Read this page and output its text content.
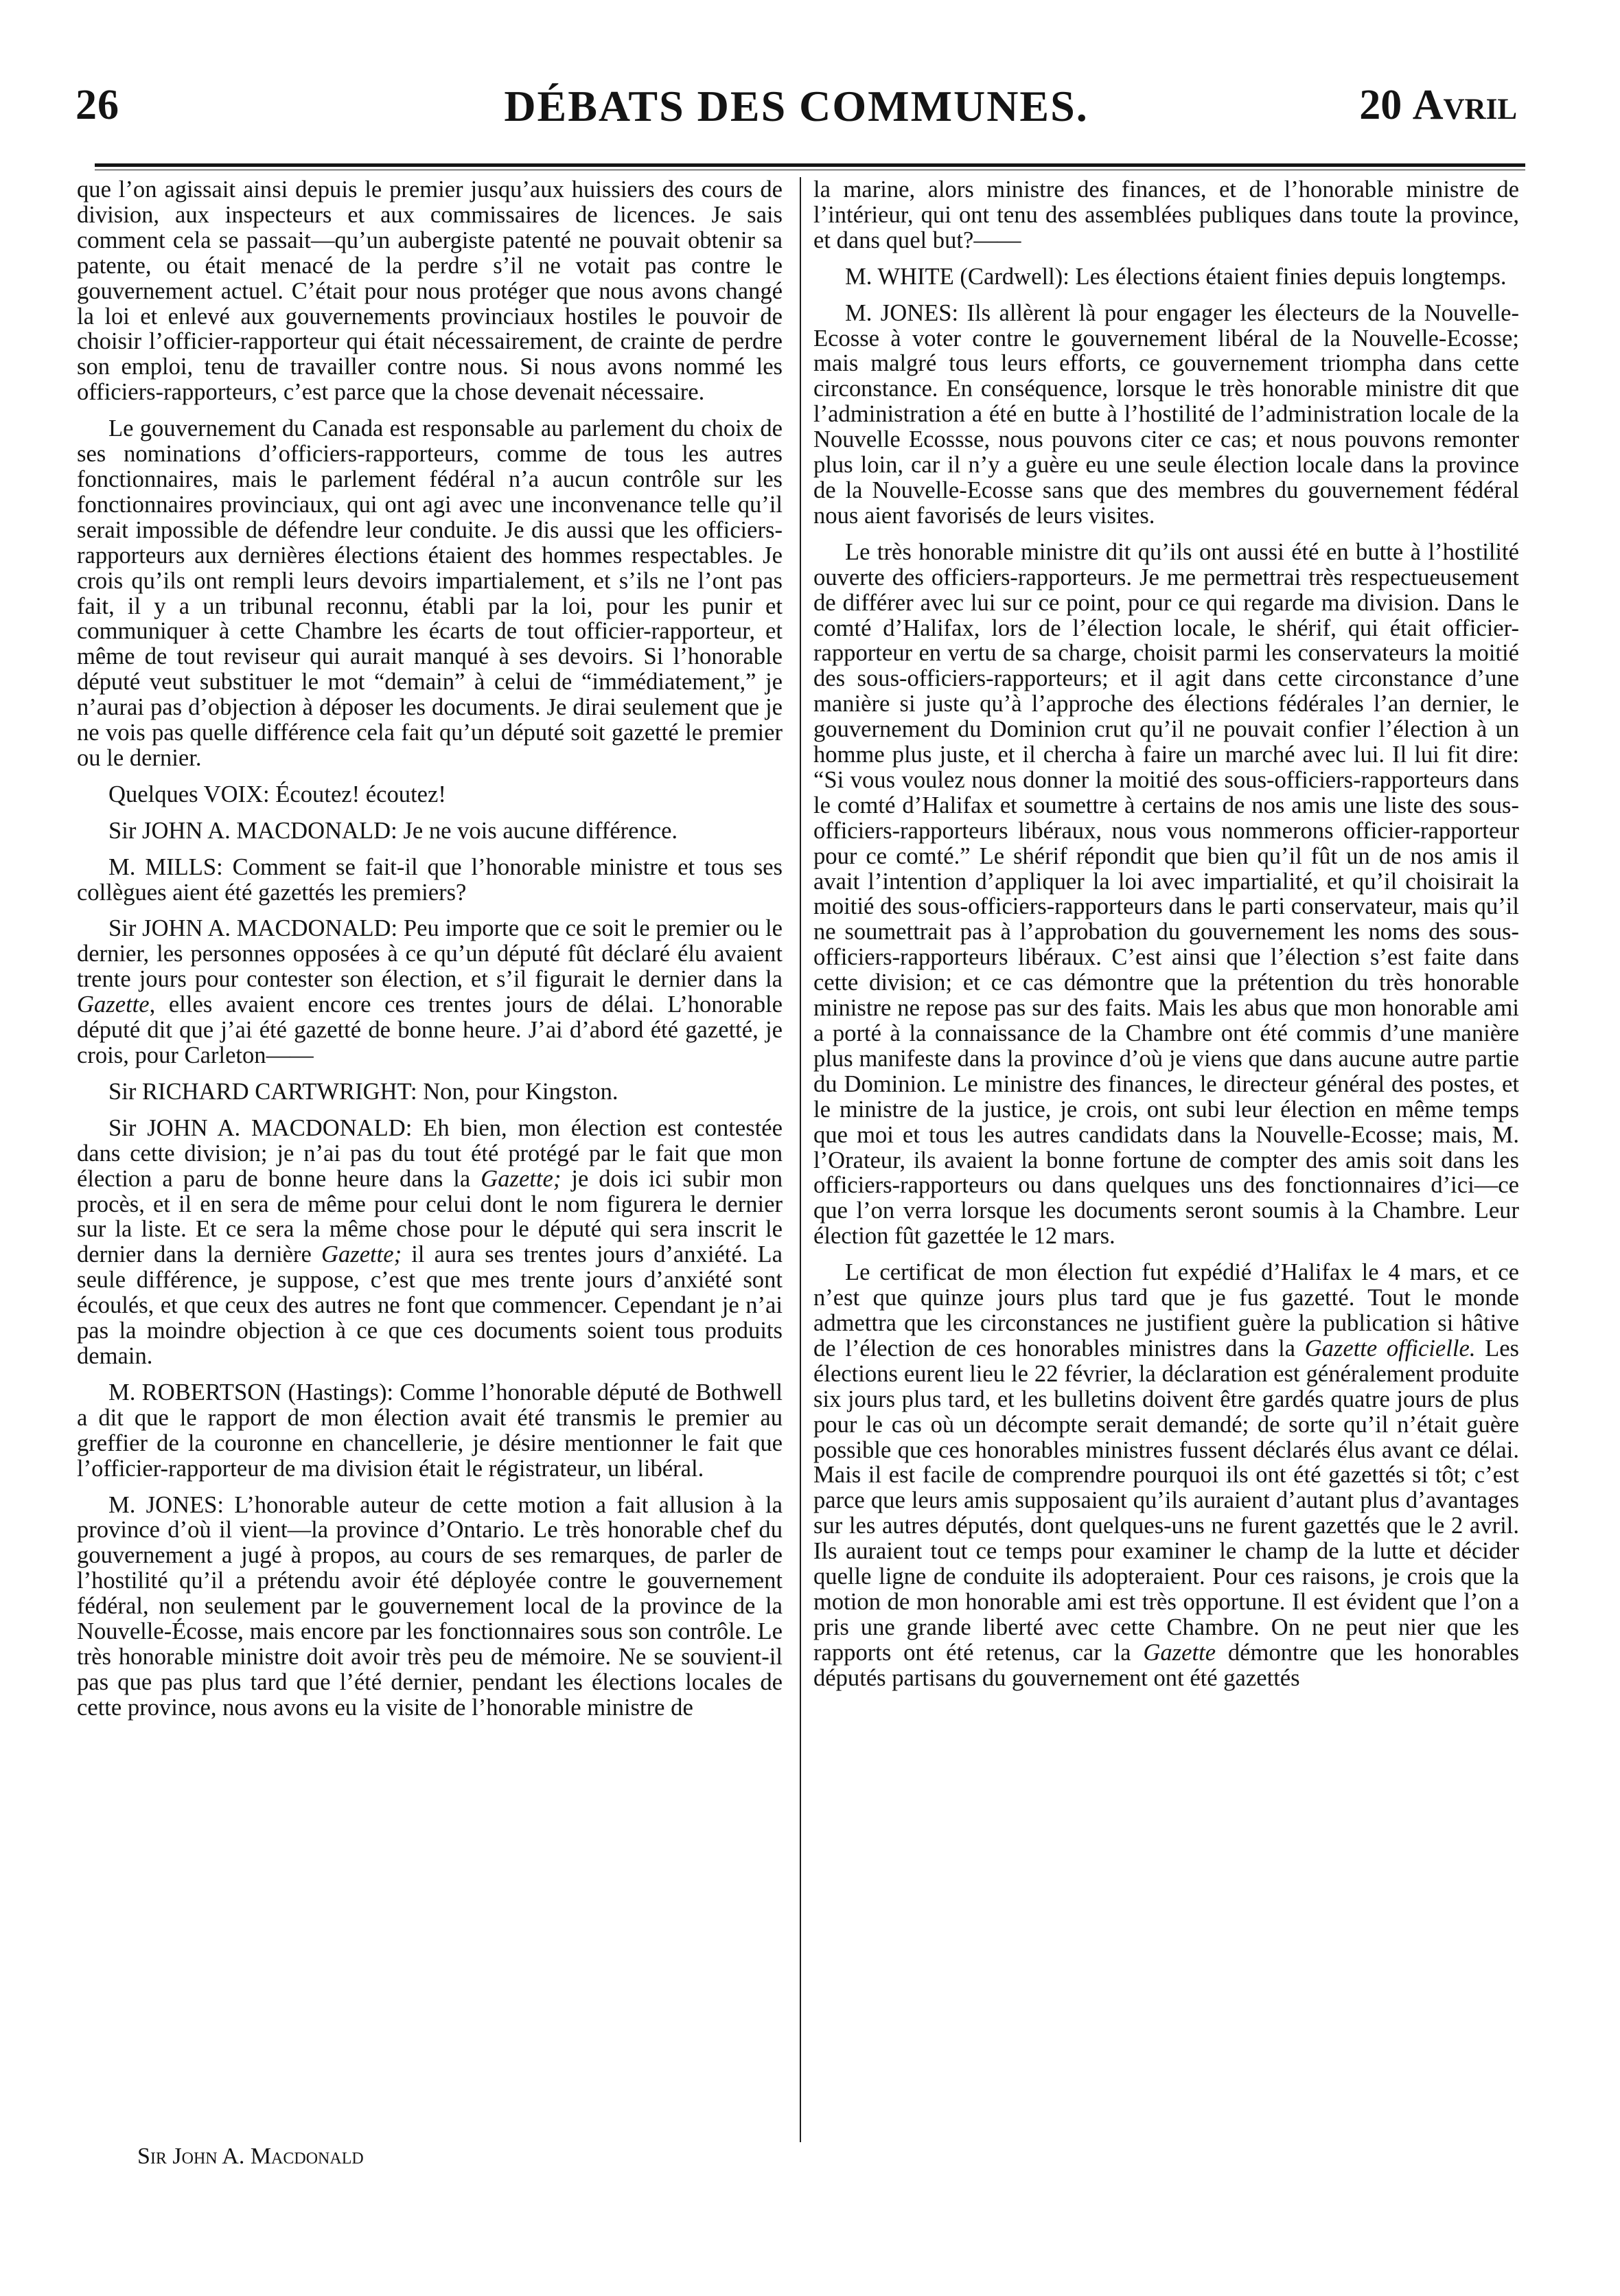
26	DÉBATS DES COMMUNES.	20 Avril

que l’on agissait ainsi depuis le premier jusqu’aux huissiers des cours de division, aux inspecteurs et aux commissaires de licences. Je sais comment cela se passait—qu’un aubergiste patenté ne pouvait obtenir sa patente, ou était menacé de la perdre s’il ne votait pas contre le gouvernement actuel. C’était pour nous protéger que nous avons changé la loi et enlevé aux gouvernements provinciaux hostiles le pouvoir de choisir l’officier-rapporteur qui était nécessairement, de crainte de perdre son emploi, tenu de travailler contre nous. Si nous avons nommé les officiers-rapporteurs, c’est parce que la chose devenait nécessaire.

Le gouvernement du Canada est responsable au parlement du choix de ses nominations d’officiers-rapporteurs, comme de tous les autres fonctionnaires, mais le parlement fédéral n’a aucun contrôle sur les fonctionnaires provinciaux, qui ont agi avec une inconvenance telle qu’il serait impossible de défendre leur conduite. Je dis aussi que les officiers-rapporteurs aux dernières élections étaient des hommes respectables. Je crois qu’ils ont rempli leurs devoirs impartialement, et s’ils ne l’ont pas fait, il y a un tribunal reconnu, établi par la loi, pour les punir et communiquer à cette Chambre les écarts de tout officier-rapporteur, et même de tout reviseur qui aurait manqué à ses devoirs. Si l’honorable député veut substituer le mot “demain” à celui de “immédiatement,” je n’aurai pas d’objection à déposer les documents. Je dirai seulement que je ne vois pas quelle différence cela fait qu’un député soit gazetté le premier ou le dernier.

Quelques VOIX: Écoutez! écoutez!

Sir JOHN A. MACDONALD: Je ne vois aucune différence.

M. MILLS: Comment se fait-il que l’honorable ministre et tous ses collègues aient été gazettés les premiers?

Sir JOHN A. MACDONALD: Peu importe que ce soit le premier ou le dernier, les personnes opposées à ce qu’un député fût déclaré élu avaient trente jours pour contester son élection, et s’il figurait le dernier dans la Gazette, elles avaient encore ces trentes jours de délai. L’honorable député dit que j’ai été gazetté de bonne heure. J’ai d’abord été gazetté, je crois, pour Carleton——

Sir RICHARD CARTWRIGHT: Non, pour Kingston.

Sir JOHN A. MACDONALD: Eh bien, mon élection est contestée dans cette division; je n’ai pas du tout été protégé par le fait que mon élection a paru de bonne heure dans la Gazette; je dois ici subir mon procès, et il en sera de même pour celui dont le nom figurera le dernier sur la liste. Et ce sera la même chose pour le député qui sera inscrit le dernier dans la dernière Gazette; il aura ses trentes jours d’anxiété. La seule différence, je suppose, c’est que mes trente jours d’anxiété sont écoulés, et que ceux des autres ne font que commencer. Cependant je n’ai pas la moindre objection à ce que ces documents soient tous produits demain.

M. ROBERTSON (Hastings): Comme l’honorable député de Bothwell a dit que le rapport de mon élection avait été transmis le premier au greffier de la couronne en chancellerie, je désire mentionner le fait que l’officier-rapporteur de ma division était le régistrateur, un libéral.

M. JONES: L’honorable auteur de cette motion a fait allusion à la province d’où il vient—la province d’Ontario. Le très honorable chef du gouvernement a jugé à propos, au cours de ses remarques, de parler de l’hostilité qu’il a prétendu avoir été déployée contre le gouvernement fédéral, non seulement par le gouvernement local de la province de la Nouvelle-Écosse, mais encore par les fonctionnaires sous son contrôle. Le très honorable ministre doit avoir très peu de mémoire. Ne se souvient-il pas que pas plus tard que l’été dernier, pendant les élections locales de cette province, nous avons eu la visite de l’honorable ministre de

la marine, alors ministre des finances, et de l’honorable ministre de l’intérieur, qui ont tenu des assemblées publiques dans toute la province, et dans quel but?——

M. WHITE (Cardwell): Les élections étaient finies depuis longtemps.

M. JONES: Ils allèrent là pour engager les électeurs de la Nouvelle-Ecosse à voter contre le gouvernement libéral de la Nouvelle-Ecosse; mais malgré tous leurs efforts, ce gouvernement triompha dans cette circonstance. En conséquence, lorsque le très honorable ministre dit que l’administration a été en butte à l’hostilité de l’administration locale de la Nouvelle Ecossse, nous pouvons citer ce cas; et nous pouvons remonter plus loin, car il n’y a guère eu une seule élection locale dans la province de la Nouvelle-Ecosse sans que des membres du gouvernement fédéral nous aient favorisés de leurs visites.

Le très honorable ministre dit qu’ils ont aussi été en butte à l’hostilité ouverte des officiers-rapporteurs. Je me permettrai très respectueusement de différer avec lui sur ce point, pour ce qui regarde ma division. Dans le comté d’Halifax, lors de l’élection locale, le shérif, qui était officier-rapporteur en vertu de sa charge, choisit parmi les conservateurs la moitié des sous-officiers-rapporteurs; et il agit dans cette circonstance d’une manière si juste qu’à l’approche des élections fédérales l’an dernier, le gouvernement du Dominion crut qu’il ne pouvait confier l’élection à un homme plus juste, et il chercha à faire un marché avec lui. Il lui fit dire: “Si vous voulez nous donner la moitié des sous-officiers-rapporteurs dans le comté d’Halifax et soumettre à certains de nos amis une liste des sous-officiers-rapporteurs libéraux, nous vous nommerons officier-rapporteur pour ce comté.” Le shérif répondit que bien qu’il fût un de nos amis il avait l’intention d’appliquer la loi avec impartialité, et qu’il choisirait la moitié des sous-officiers-rapporteurs dans le parti conservateur, mais qu’il ne soumettrait pas à l’approbation du gouvernement les noms des sous-officiers-rapporteurs libéraux. C’est ainsi que l’élection s’est faite dans cette division; et ce cas démontre que la prétention du très honorable ministre ne repose pas sur des faits. Mais les abus que mon honorable ami a porté à la connaissance de la Chambre ont été commis d’une manière plus manifeste dans la province d’où je viens que dans aucune autre partie du Dominion. Le ministre des finances, le directeur général des postes, et le ministre de la justice, je crois, ont subi leur élection en même temps que moi et tous les autres candidats dans la Nouvelle-Ecosse; mais, M. l’Orateur, ils avaient la bonne fortune de compter des amis soit dans les officiers-rapporteurs ou dans quelques uns des fonctionnaires d’ici—ce que l’on verra lorsque les documents seront soumis à la Chambre. Leur élection fût gazettée le 12 mars.

Le certificat de mon élection fut expédié d’Halifax le 4 mars, et ce n’est que quinze jours plus tard que je fus gazetté. Tout le monde admettra que les circonstances ne justifient guère la publication si hâtive de l’élection de ces honorables ministres dans la Gazette officielle. Les élections eurent lieu le 22 février, la déclaration est généralement produite six jours plus tard, et les bulletins doivent être gardés quatre jours de plus pour le cas où un décompte serait demandé; de sorte qu’il n’était guère possible que ces honorables ministres fussent déclarés élus avant ce délai. Mais il est facile de comprendre pourquoi ils ont été gazettés si tôt; c’est parce que leurs amis supposaient qu’ils auraient d’autant plus d’avantages sur les autres députés, dont quelques-uns ne furent gazettés que le 2 avril. Ils auraient tout ce temps pour examiner le champ de la lutte et décider quelle ligne de conduite ils adopteraient. Pour ces raisons, je crois que la motion de mon honorable ami est très opportune. Il est évident que l’on a pris une grande liberté avec cette Chambre. On ne peut nier que les rapports ont été retenus, car la Gazette démontre que les honorables députés partisans du gouvernement ont été gazettés

Sir John A. Macdonald
